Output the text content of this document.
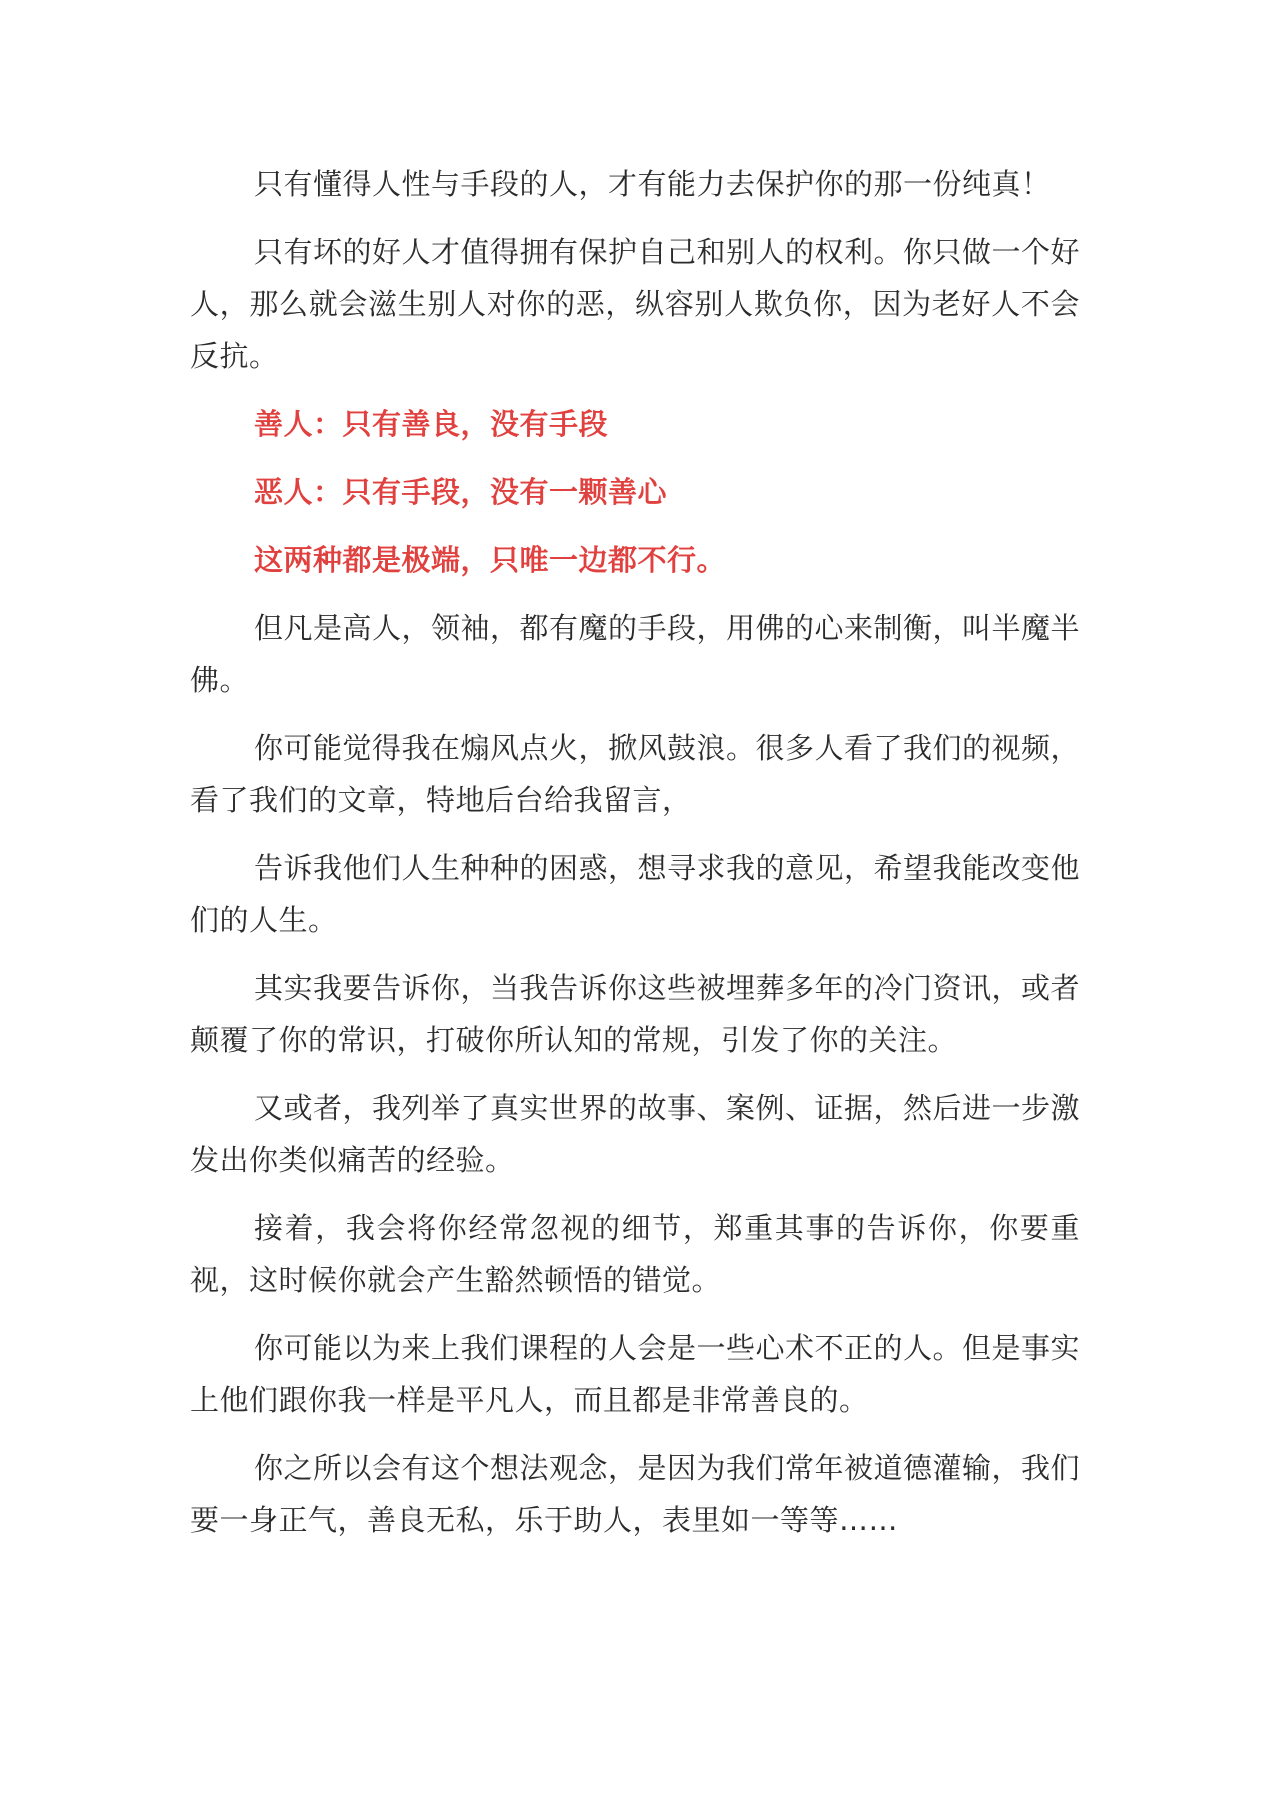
只有懂得人性与手段的人，才有能力去保护你的那一份纯真！

只有坏的好人才值得拥有保护自己和别人的权利。你只做一个好人，那么就会滋生别人对你的恶，纵容别人欺负你，因为老好人不会反抗。

善人：只有善良，没有手段

恶人：只有手段，没有一颗善心

这两种都是极端，只唯一边都不行。

但凡是高人，领袖，都有魔的手段，用佛的心来制衡，叫半魔半佛。

你可能觉得我在煽风点火，掀风鼓浪。很多人看了我们的视频，看了我们的文章，特地后台给我留言，

告诉我他们人生种种的困惑，想寻求我的意见，希望我能改变他们的人生。

其实我要告诉你，当我告诉你这些被埋葬多年的冷门资讯，或者颠覆了你的常识，打破你所认知的常规，引发了你的关注。

又或者，我列举了真实世界的故事、案例、证据，然后进一步激发出你类似痛苦的经验。

接着，我会将你经常忽视的细节，郑重其事的告诉你，你要重视，这时候你就会产生豁然顿悟的错觉。

你可能以为来上我们课程的人会是一些心术不正的人。但是事实上他们跟你我一样是平凡人，而且都是非常善良的。

你之所以会有这个想法观念，是因为我们常年被道德灌输，我们要一身正气，善良无私，乐于助人，表里如一等等……
